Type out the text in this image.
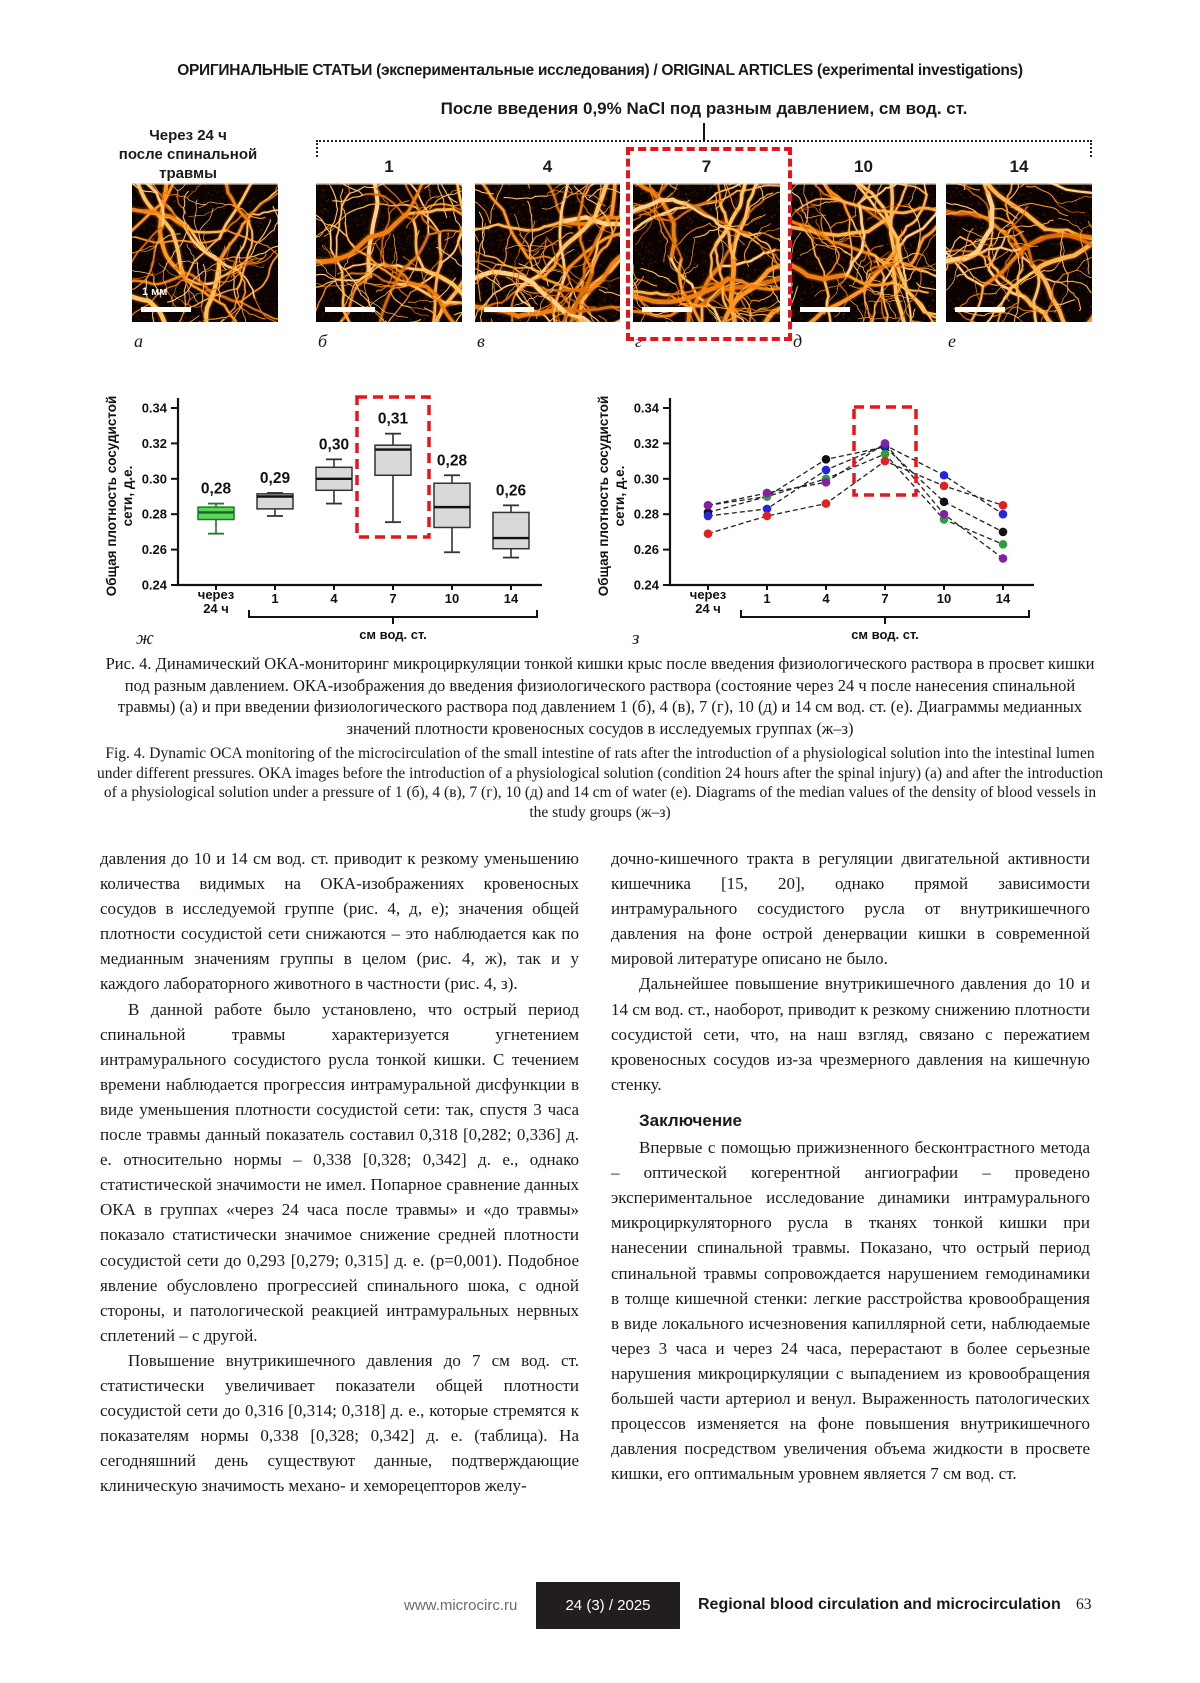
ОРИГИНАЛЬНЫЕ СТАТЬИ (экспериментальные исследования) / ORIGINAL ARTICLES (experimental investigations)
После введения 0,9% NaCl под разным давлением, см вод. ст.
Через 24 ч
после спинальной
травмы
а
1
б
4
в
7
г
10
д
14
е
1 мм
0.24
0.26
0.28
0.30
0.32
0.34
через
24 ч
1	4	7	10	14
см вод. ст.
Общая плотность сосудистой сети, д.е.	0,28
0,29
0,30
0,31
0,28
0,26
0.24
0.26
0.28
0.30
0.32
0.34
через
24 ч
1	4	7	10	14
см вод. ст.
Общая плотность сосудистой сети, д.е.
ж	з
Рис. 4. Динамический ОКА-мониторинг микроциркуляции тонкой кишки крыс после введения физиологического раствора в просвет кишки под разным давлением. ОКА-изображения до введения физиологического раствора (состояние через 24 ч после нанесения спинальной травмы) (а) и при введении физиологического раствора под давлением 1 (б), 4 (в), 7 (г), 10 (д) и 14 см вод. ст. (е). Диаграммы медианных значений плотности кровеносных сосудов в исследуемых группах (ж–з)
Fig. 4. Dynamic OCA monitoring of the microcirculation of the small intestine of rats after the introduction of a physiological solution into the intestinal lumen under different pressures. OKA images before the introduction of a physiological solution (condition 24 hours after the spinal injury) (а) and after the introduction of a physiological solution under a pressure of 1 (б), 4 (в), 7 (г), 10 (д) and 14 cm of water (е). Diagrams of the median values of the density of blood vessels in the study groups (ж–з)

давления до 10 и 14 см вод. ст. приводит к резкому уменьшению количества видимых на ОКА-изображениях кровеносных сосудов в исследуемой группе (рис. 4, д, е); значения общей плотности сосудистой сети снижаются – это наблюдается как по медианным значениям группы в целом (рис. 4, ж), так и у каждого лабораторного животного в частности (рис. 4, з).

В данной работе было установлено, что острый период спинальной травмы характеризуется угнетением интрамурального сосудистого русла тонкой кишки. С течением времени наблюдается прогрессия интрамуральной дисфункции в виде уменьшения плотности сосудистой сети: так, спустя 3 часа после травмы данный показатель составил 0,318 [0,282; 0,336] д. е. относительно нормы – 0,338 [0,328; 0,342] д. е., однако статистической значимости не имел. Попарное сравнение данных ОКА в группах «через 24 часа после травмы» и «до травмы» показало статистически значимое снижение средней плотности сосудистой сети до 0,293 [0,279; 0,315] д. е. (p=0,001). Подобное явление обусловлено прогрессией спинального шока, с одной стороны, и патологической реакцией интрамуральных нервных сплетений – с другой.

Повышение внутрикишечного давления до 7 см вод. ст. статистически увеличивает показатели общей плотности сосудистой сети до 0,316 [0,314; 0,318] д. е., которые стремятся к показателям нормы 0,338 [0,328; 0,342] д. е. (таблица). На сегодняшний день существуют данные, подтверждающие клиническую значимость механо- и хеморецепторов желу-

дочно-кишечного тракта в регуляции двигательной активности кишечника [15, 20], однако прямой зависимости интрамурального сосудистого русла от внутрикишечного давления на фоне острой денервации кишки в современной мировой литературе описано не было.

Дальнейшее повышение внутрикишечного давления до 10 и 14 см вод. ст., наоборот, приводит к резкому снижению плотности сосудистой сети, что, на наш взгляд, связано с пережатием кровеносных сосудов из-за чрезмерного давления на кишечную стенку.

Заключение

Впервые с помощью прижизненного бесконтрастного метода – оптической когерентной ангиографии – проведено экспериментальное исследование динамики интрамурального микроциркуляторного русла в тканях тонкой кишки при нанесении спинальной травмы. Показано, что острый период спинальной травмы сопровождается нарушением гемодинамики в толще кишечной стенки: легкие расстройства кровообращения в виде локального исчезновения капиллярной сети, наблюдаемые через 3 часа и через 24 часа, перерастают в более серьезные нарушения микроциркуляции с выпадением из кровообращения большей части артериол и венул. Выраженность патологических процессов изменяется на фоне повышения внутрикишечного давления посредством увеличения объема жидкости в просвете кишки, его оптимальным уровнем является 7 см вод. ст.

www.microcirc.ru	24 (3) / 2025	Regional blood circulation and microcirculation 63
